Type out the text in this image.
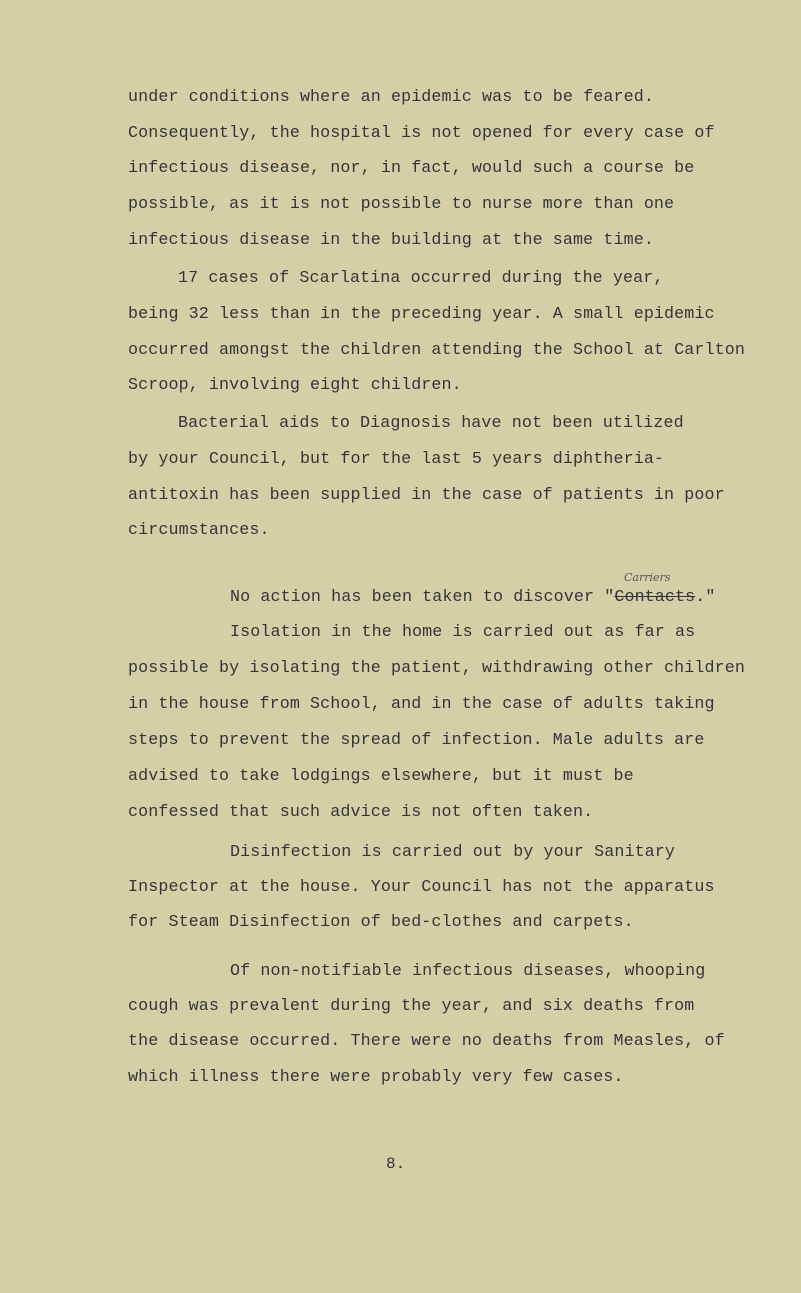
under conditions where an epidemic was to be feared.
Consequently, the hospital is not opened for every case of
infectious disease, nor, in fact, would such a course be
possible, as it is not possible to nurse more than one
infectious disease in the building at the same time.
17 cases of Scarlatina occurred during the year,
being 32 less than in the preceding year. A small epidemic
occurred amongst the children attending the School at Carlton
Scroop, involving eight children.
Bacterial aids to Diagnosis have not been utilized
by your Council, but for the last 5 years diphtheria-
antitoxin has been supplied in the case of patients in poor
circumstances.
Carriers
No action has been taken to discover "Contacts."
Isolation in the home is carried out as far as
possible by isolating the patient, withdrawing other children
in the house from School, and in the case of adults taking
steps to prevent the spread of infection. Male adults are
advised to take lodgings elsewhere, but it must be
confessed that such advice is not often taken.
Disinfection is carried out by your Sanitary
Inspector at the house. Your Council has not the apparatus
for Steam Disinfection of bed-clothes and carpets.
Of non-notifiable infectious diseases, whooping
cough was prevalent during the year, and six deaths from
the disease occurred. There were no deaths from Measles, of
which illness there were probably very few cases.
8.
